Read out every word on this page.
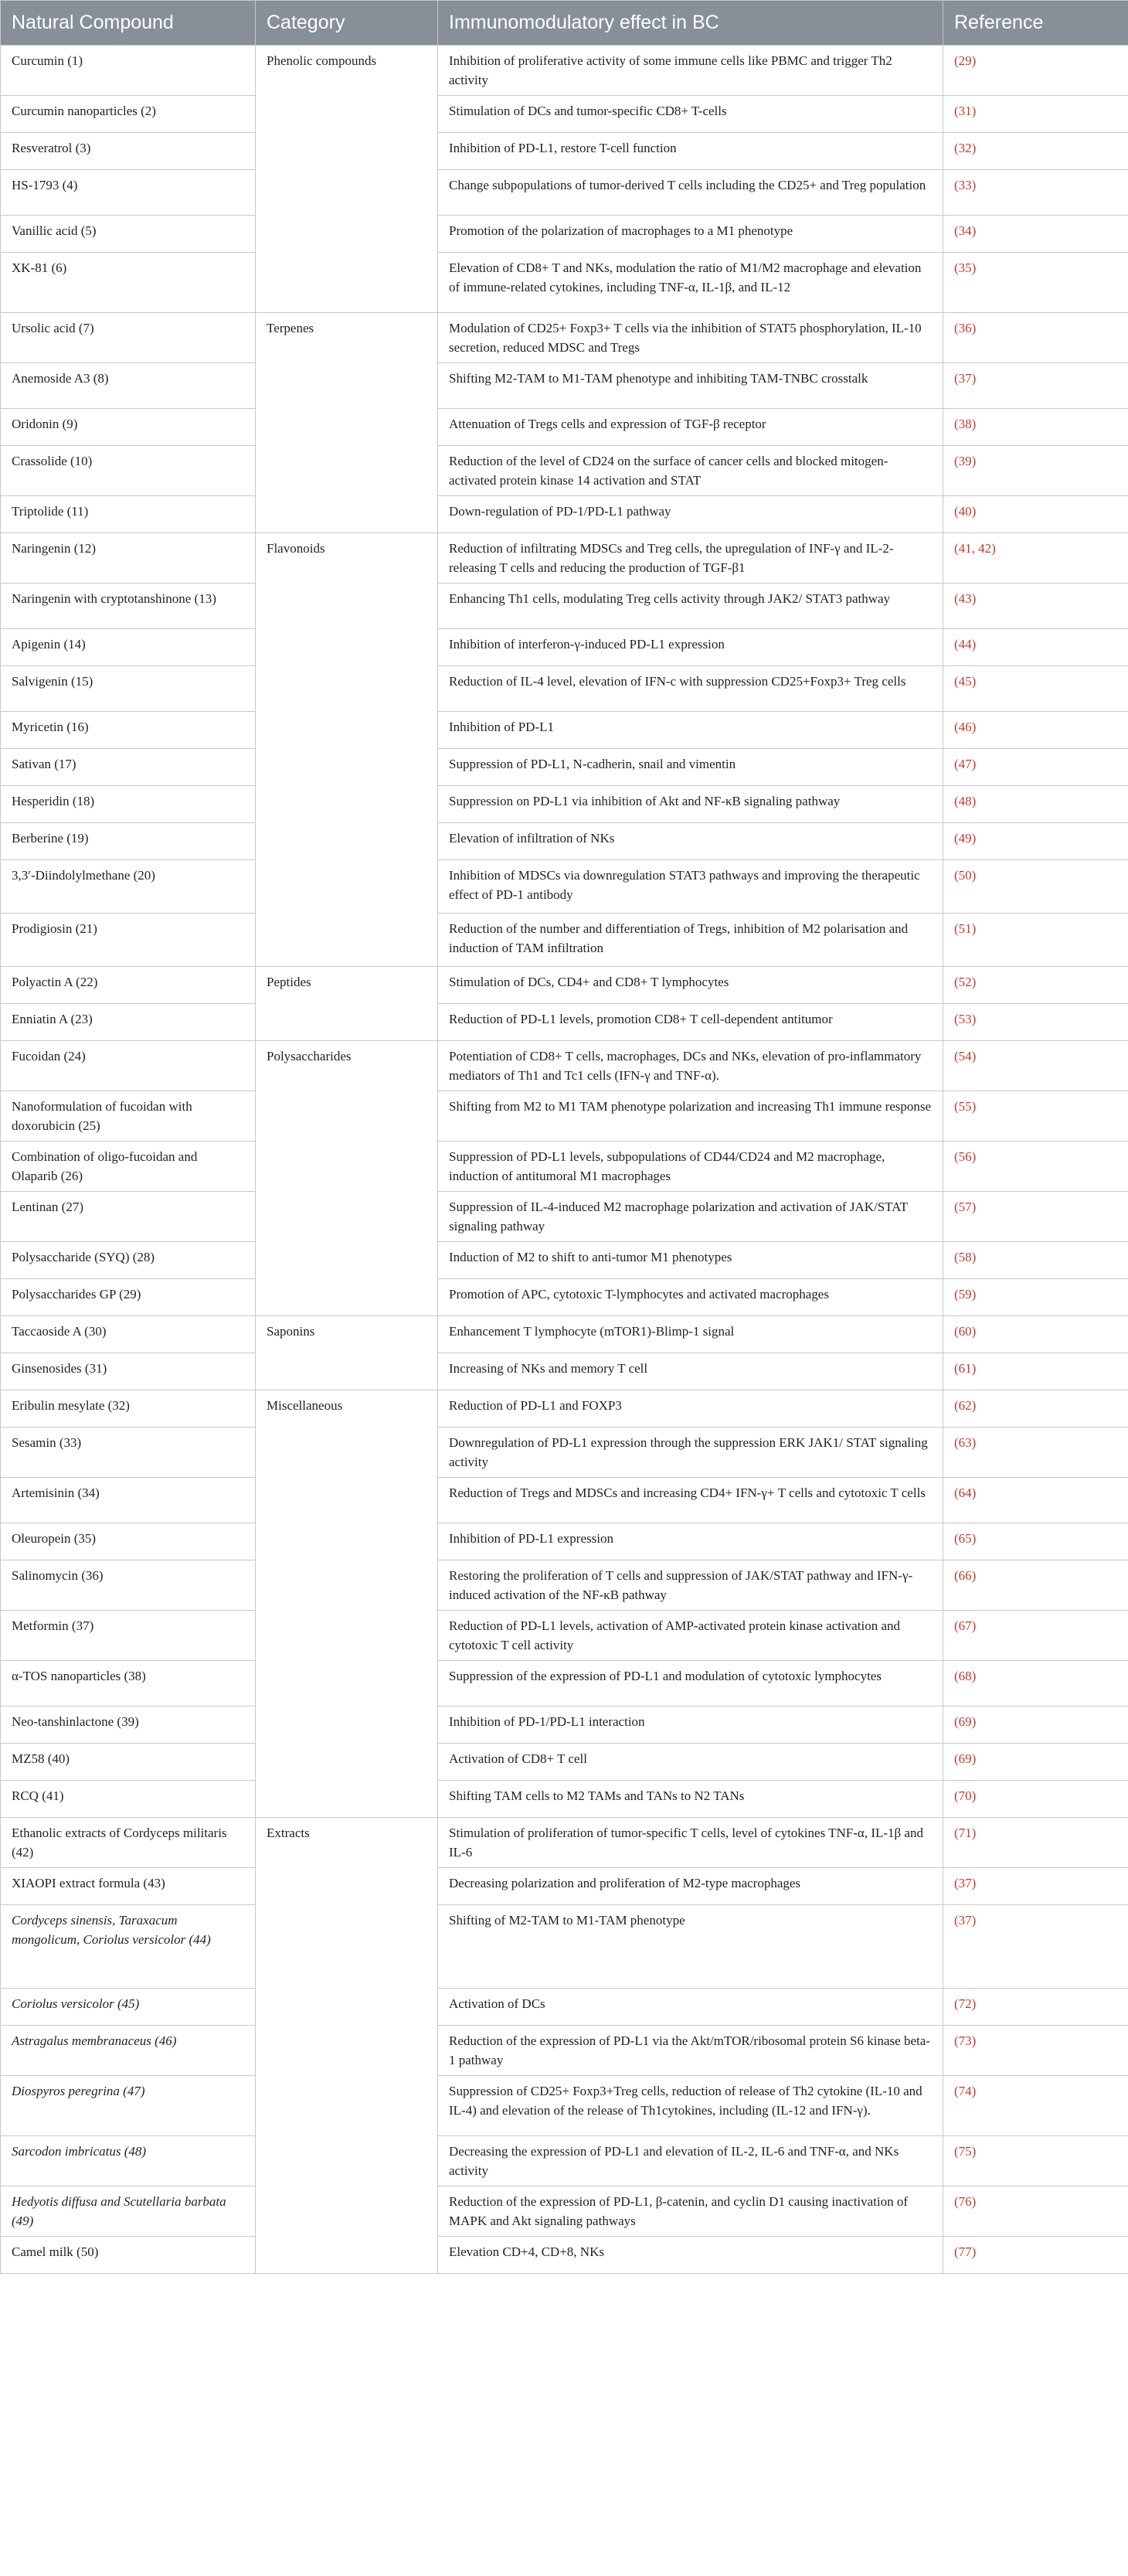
Natural Compound	Category	Immunomodulatory effect in BC	Reference
Curcumin (1)	Phenolic compounds	Inhibition of proliferative activity of some immune cells like PBMC and trigger Th2 activity	(29)
Curcumin nanoparticles (2)		Stimulation of DCs and tumor-specific CD8+ T-cells	(31)
Resveratrol (3)		Inhibition of PD-L1, restore T-cell function	(32)
HS-1793 (4)		Change subpopulations of tumor-derived T cells including the CD25+ and Treg population	(33)
Vanillic acid (5)		Promotion of the polarization of macrophages to a M1 phenotype	(34)
XK-81 (6)		Elevation of CD8+ T and NKs, modulation the ratio of M1/M2 macrophage and elevation of immune-related cytokines, including TNF-α, IL-1β, and IL-12	(35)
Ursolic acid (7)	Terpenes	Modulation of CD25+ Foxp3+ T cells via the inhibition of STAT5 phosphorylation, IL-10 secretion, reduced MDSC and Tregs	(36)
Anemoside A3 (8)		Shifting M2-TAM to M1-TAM phenotype and inhibiting TAM-TNBC crosstalk	(37)
Oridonin (9)		Attenuation of Tregs cells and expression of TGF-β receptor	(38)
Crassolide (10)		Reduction of the level of CD24 on the surface of cancer cells and blocked mitogen-activated protein kinase 14 activation and STAT	(39)
Triptolide (11)		Down-regulation of PD-1/PD-L1 pathway	(40)
Naringenin (12)	Flavonoids	Reduction of infiltrating MDSCs and Treg cells, the upregulation of INF-γ and IL-2-releasing T cells and reducing the production of TGF-β1	(41, 42)
Naringenin with cryptotanshinone (13)		Enhancing Th1 cells, modulating Treg cells activity through JAK2/ STAT3 pathway	(43)
Apigenin (14)		Inhibition of interferon-γ-induced PD-L1 expression	(44)
Salvigenin (15)		Reduction of IL-4 level, elevation of IFN-c with suppression CD25+Foxp3+ Treg cells	(45)
Myricetin (16)		Inhibition of PD-L1	(46)
Sativan (17)		Suppression of PD-L1, N-cadherin, snail and vimentin	(47)
Hesperidin (18)		Suppression on PD-L1 via inhibition of Akt and NF-κB signaling pathway	(48)
Berberine (19)		Elevation of infiltration of NKs	(49)
3,3′-Diindolylmethane (20)		Inhibition of MDSCs via downregulation STAT3 pathways and improving the therapeutic effect of PD-1 antibody	(50)
Prodigiosin (21)		Reduction of the number and differentiation of Tregs, inhibition of M2 polarisation and induction of TAM infiltration	(51)
Polyactin A (22)	Peptides	Stimulation of DCs, CD4+ and CD8+ T lymphocytes	(52)
Enniatin A (23)		Reduction of PD-L1 levels, promotion CD8+ T cell-dependent antitumor	(53)
Fucoidan (24)	Polysaccharides	Potentiation of CD8+ T cells, macrophages, DCs and NKs, elevation of pro-inflammatory mediators of Th1 and Tc1 cells (IFN-γ and TNF-α).	(54)
Nanoformulation of fucoidan with doxorubicin (25)		Shifting from M2 to M1 TAM phenotype polarization and increasing Th1 immune response	(55)
Combination of oligo-fucoidan and Olaparib (26)		Suppression of PD-L1 levels, subpopulations of CD44/CD24 and M2 macrophage, induction of antitumoral M1 macrophages	(56)
Lentinan (27)		Suppression of IL-4-induced M2 macrophage polarization and activation of JAK/STAT signaling pathway	(57)
Polysaccharide (SYQ) (28)		Induction of M2 to shift to anti-tumor M1 phenotypes	(58)
Polysaccharides GP (29)		Promotion of APC, cytotoxic T-lymphocytes and activated macrophages	(59)
Taccaoside A (30)	Saponins	Enhancement T lymphocyte (mTOR1)-Blimp-1 signal	(60)
Ginsenosides (31)		Increasing of NKs and memory T cell	(61)
Eribulin mesylate (32)	Miscellaneous	Reduction of PD-L1 and FOXP3	(62)
Sesamin (33)		Downregulation of PD-L1 expression through the suppression ERK JAK1/ STAT signaling activity	(63)
Artemisinin (34)		Reduction of Tregs and MDSCs and increasing CD4+ IFN-γ+ T cells and cytotoxic T cells	(64)
Oleuropein (35)		Inhibition of PD-L1 expression	(65)
Salinomycin (36)		Restoring the proliferation of T cells and suppression of JAK/STAT pathway and IFN-γ-induced activation of the NF-κB pathway	(66)
Metformin (37)		Reduction of PD-L1 levels, activation of AMP-activated protein kinase activation and cytotoxic T cell activity	(67)
α-TOS nanoparticles (38)		Suppression of the expression of PD-L1 and modulation of cytotoxic lymphocytes	(68)
Neo-tanshinlactone (39)		Inhibition of PD-1/PD-L1 interaction	(69)
MZ58 (40)		Activation of CD8+ T cell	(69)
RCQ (41)		Shifting TAM cells to M2 TAMs and TANs to N2 TANs	(70)
Ethanolic extracts of Cordyceps militaris (42)	Extracts	Stimulation of proliferation of tumor-specific T cells, level of cytokines TNF-α, IL-1β and IL-6	(71)
XIAOPI extract formula (43)		Decreasing polarization and proliferation of M2-type macrophages	(37)
Cordyceps sinensis, Taraxacum mongolicum, Coriolus versicolor (44)		Shifting of M2-TAM to M1-TAM phenotype	(37)
Coriolus versicolor (45)		Activation of DCs	(72)
Astragalus membranaceus (46)		Reduction of the expression of PD-L1 via the Akt/mTOR/ribosomal protein S6 kinase beta-1 pathway	(73)
Diospyros peregrina (47)		Suppression of CD25+ Foxp3+Treg cells, reduction of release of Th2 cytokine (IL-10 and IL-4) and elevation of the release of Th1cytokines, including (IL-12 and IFN-γ).	(74)
Sarcodon imbricatus (48)		Decreasing the expression of PD-L1 and elevation of IL-2, IL-6 and TNF-α, and NKs activity	(75)
Hedyotis diffusa and Scutellaria barbata (49)		Reduction of the expression of PD-L1, β-catenin, and cyclin D1 causing inactivation of MAPK and Akt signaling pathways	(76)
Camel milk (50)		Elevation CD+4, CD+8, NKs	(77)
